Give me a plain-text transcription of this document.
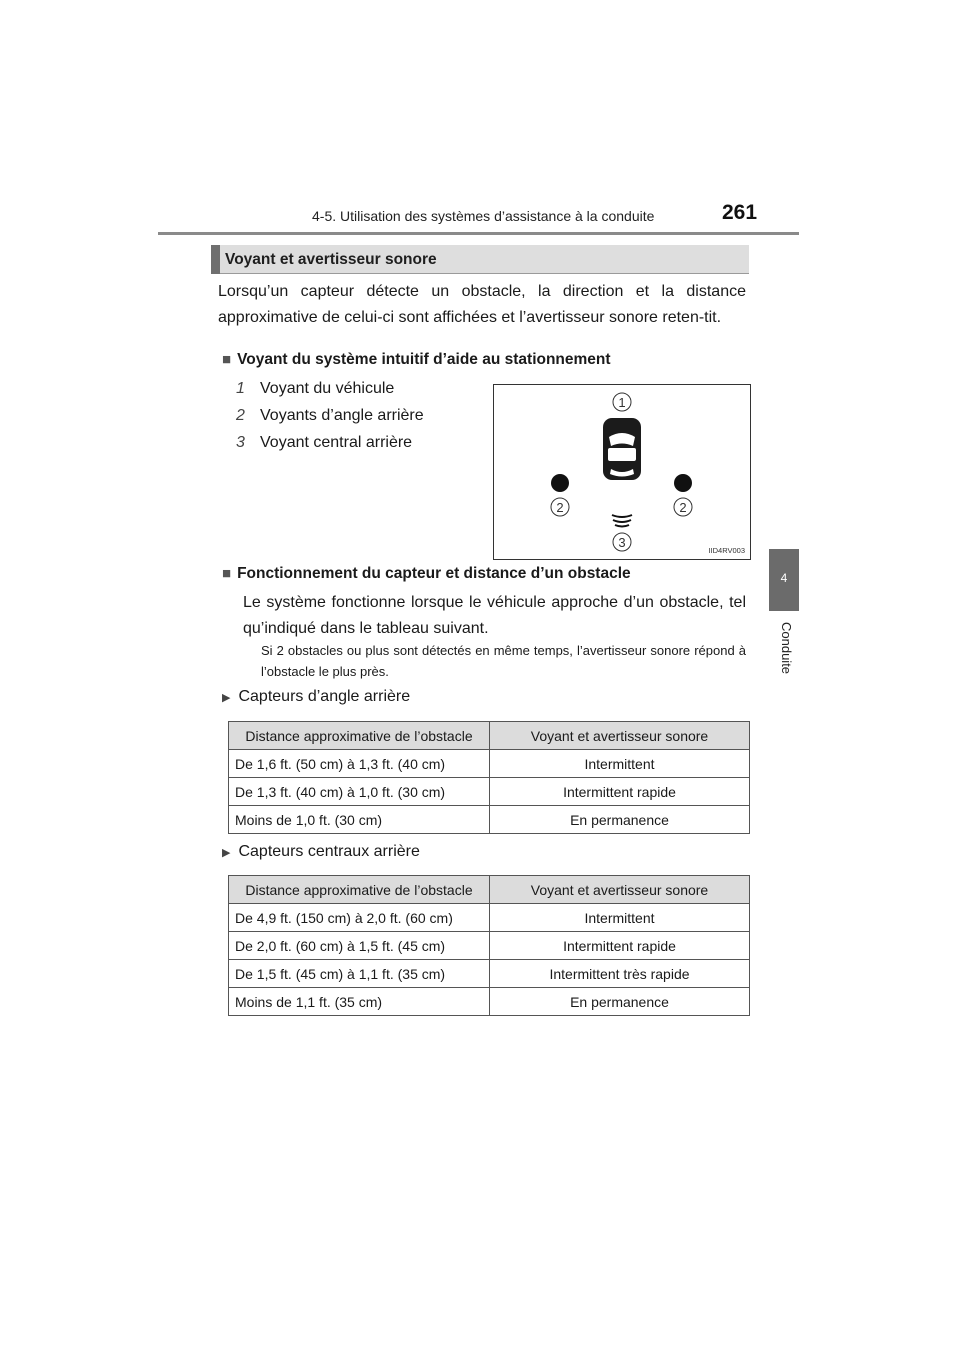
4-5. Utilisation des systèmes d’assistance à la conduite	261
4
Conduite
Voyant et avertisseur sonore
Lorsqu’un capteur détecte un obstacle, la direction et la distance approximative de celui-ci sont affichées et l’avertisseur sonore reten-tit.
■ Voyant du système intuitif d’aide au stationnement
1 Voyant du véhicule
2 Voyants d’angle arrière
3 Voyant central arrière
1
2	2
3
IID4RV003
■ Fonctionnement du capteur et distance d’un obstacle
Le système fonctionne lorsque le véhicule approche d’un obstacle, tel qu’indiqué dans le tableau suivant.
Si 2 obstacles ou plus sont détectés en même temps, l’avertisseur sonore répond à l’obstacle le plus près.
▶ Capteurs d’angle arrière
Distance approximative de l’obstacle	Voyant et avertisseur sonore
De 1,6 ft. (50 cm) à 1,3 ft. (40 cm)	Intermittent
De 1,3 ft. (40 cm) à 1,0 ft. (30 cm)	Intermittent rapide
Moins de 1,0 ft. (30 cm)	En permanence
▶ Capteurs centraux arrière
Distance approximative de l’obstacle	Voyant et avertisseur sonore
De 4,9 ft. (150 cm) à 2,0 ft. (60 cm)	Intermittent
De 2,0 ft. (60 cm) à 1,5 ft. (45 cm)	Intermittent rapide
De 1,5 ft. (45 cm) à 1,1 ft. (35 cm)	Intermittent très rapide
Moins de 1,1 ft. (35 cm)	En permanence
